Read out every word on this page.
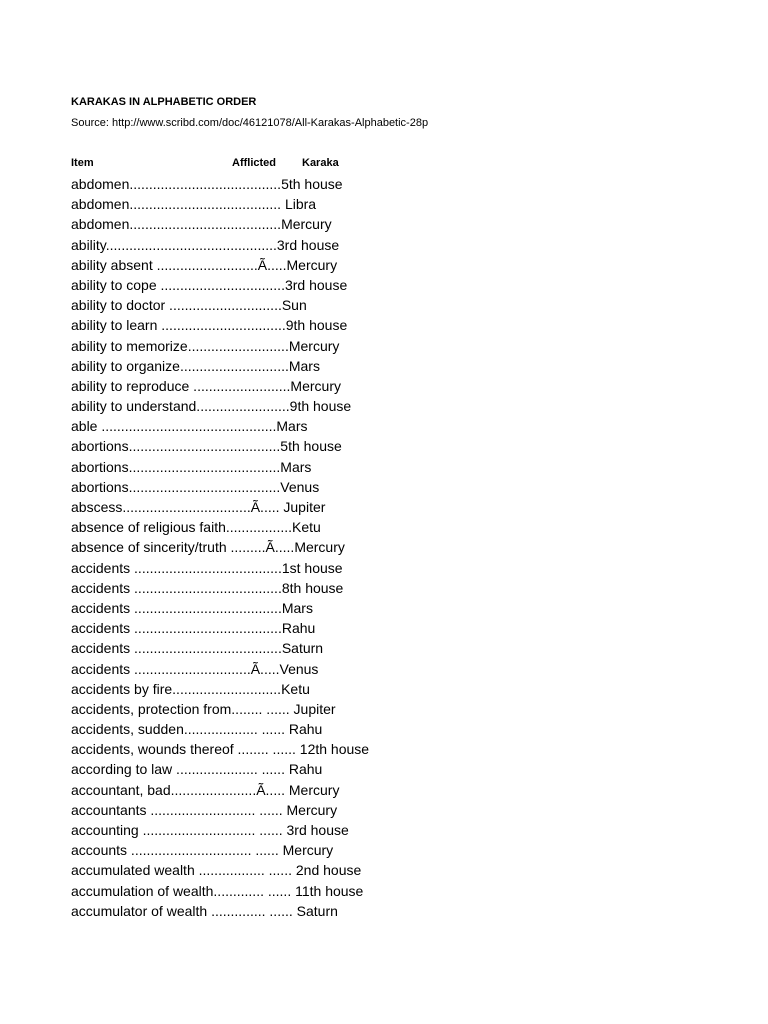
KARAKAS IN ALPHABETIC ORDER
Source: http://www.scribd.com/doc/46121078/All-Karakas-Alphabetic-28p
Item	Afflicted Karaka
abdomen.......................................5th house
abdomen....................................... Libra
abdomen.......................................Mercury
ability............................................3rd house
ability absent ..........................Ã.....Mercury
ability to cope ................................3rd house
ability to doctor .............................Sun
ability to learn ................................9th house
ability to memorize..........................Mercury
ability to organize............................Mars
ability to reproduce .........................Mercury
ability to understand........................9th house
able .............................................Mars
abortions.......................................5th house
abortions.......................................Mars
abortions.......................................Venus
abscess.................................Ã..... Jupiter
absence of religious faith.................Ketu
absence of sincerity/truth .........Ã.....Mercury
accidents ......................................1st house
accidents ......................................8th house
accidents ......................................Mars
accidents ......................................Rahu
accidents ......................................Saturn
accidents ..............................Ã.....Venus
accidents by fire............................Ketu
accidents, protection from........ ...... Jupiter
accidents, sudden................... ...... Rahu
accidents, wounds thereof ........ ...... 12th house
according to law ..................... ...... Rahu
accountant, bad......................Ã..... Mercury
accountants ........................... ...... Mercury
accounting ............................. ...... 3rd house
accounts ............................... ...... Mercury
accumulated wealth ................. ...... 2nd house
accumulation of wealth............. ...... 11th house
accumulator of wealth .............. ...... Saturn
